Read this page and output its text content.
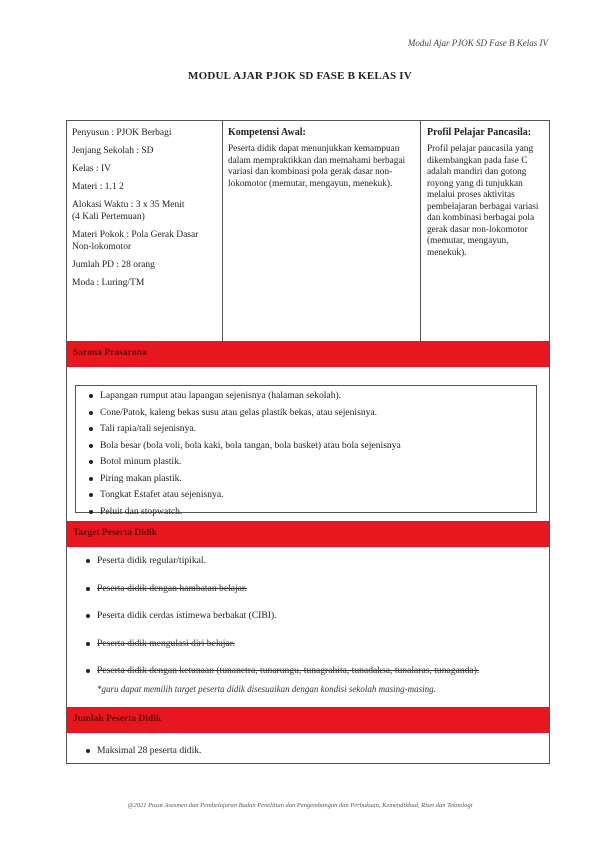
Modul Ajar PJOK SD Fase B Kelas IV
MODUL AJAR PJOK SD FASE B KELAS IV
Penyusun : PJOK Berbagi
Jenjang Sekolah : SD
Kelas : IV
Materi : 1.1 2
Alokasi Waktu : 3 x 35 Menit
(4 Kali Pertemuan)
Materi Pokok : Pola Gerak Dasar Non-lokomotor
Jumlah PD : 28 orang
Moda : Luring/TM
Kompetensi Awal:
Peserta didik dapat menunjukkan kemampuan dalam mempraktikkan dan memahami berbagai variasi dan kombinasi pola gerak dasar non-lokomotor (memutar, mengayun, menekuk).
Profil Pelajar Pancasila:
Profil pelajar pancasila yang dikembangkan pada fase C adalah mandiri dan gotong royong yang di tunjukkan melalui proses aktivitas pembelajaran berbagai variasi dan kombinasi berbagai pola gerak dasar non-lokomotor (memutar, mengayun, menekuk).
Sarana Prasarana
Lapangan rumput atau lapangan sejenisnya (halaman sekolah).
Cone/Patok, kaleng bekas susu atau gelas plastik bekas, atau sejenisnya.
Tali rapia/tali sejenisnya.
Bola besar (bola voli, bola kaki, bola tangan, bola basket) atau bola sejenisnya
Botol minum plastik.
Piring makan plastik.
Tongkat Estafet atau sejenisnya.
Peluit dan stopwatch.
Target Peserta Didik
Peserta didik regular/tipikal.
Peserta didik dengan hambatan belajar.
Peserta didik cerdas istimewa berbakat (CIBI).
Peserta didik mengulasi diri belajar.
Peserta didik dengan ketunaan (tunanetra, tunarungu, tunagrahita, tunadaksa, tunalaras, tunaganda).
*guru dapat memilih target peserta didik disesuaikan dengan kondisi sekolah masing-masing.
Jumlah Peserta Didik
Maksimal 28 peserta didik.
@2021 Pusat Asesmen dan Pembelajaran Badan Penelitian dan Pengembangan dan Perbukuan, Kemendikbud, Riset dan Teknologi
